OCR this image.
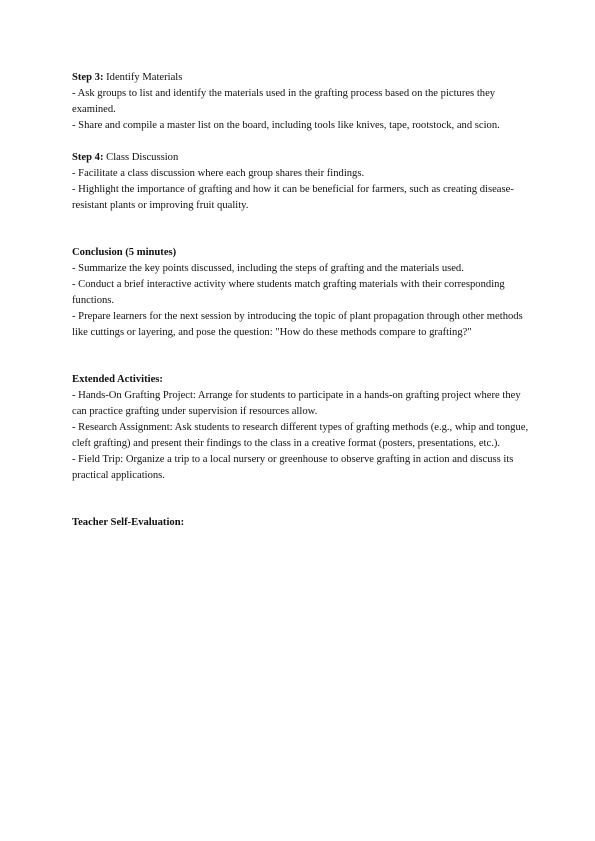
Step 3: Identify Materials

- Ask groups to list and identify the materials used in the grafting process based on the pictures they examined.

- Share and compile a master list on the board, including tools like knives, tape, rootstock, and scion.

Step 4: Class Discussion

- Facilitate a class discussion where each group shares their findings.

- Highlight the importance of grafting and how it can be beneficial for farmers, such as creating disease-resistant plants or improving fruit quality.

Conclusion (5 minutes)

- Summarize the key points discussed, including the steps of grafting and the materials used.

- Conduct a brief interactive activity where students match grafting materials with their corresponding functions.

- Prepare learners for the next session by introducing the topic of plant propagation through other methods like cuttings or layering, and pose the question: "How do these methods compare to grafting?"

Extended Activities:

- Hands-On Grafting Project: Arrange for students to participate in a hands-on grafting project where they can practice grafting under supervision if resources allow.

- Research Assignment: Ask students to research different types of grafting methods (e.g., whip and tongue, cleft grafting) and present their findings to the class in a creative format (posters, presentations, etc.).

- Field Trip: Organize a trip to a local nursery or greenhouse to observe grafting in action and discuss its practical applications.

Teacher Self-Evaluation:
